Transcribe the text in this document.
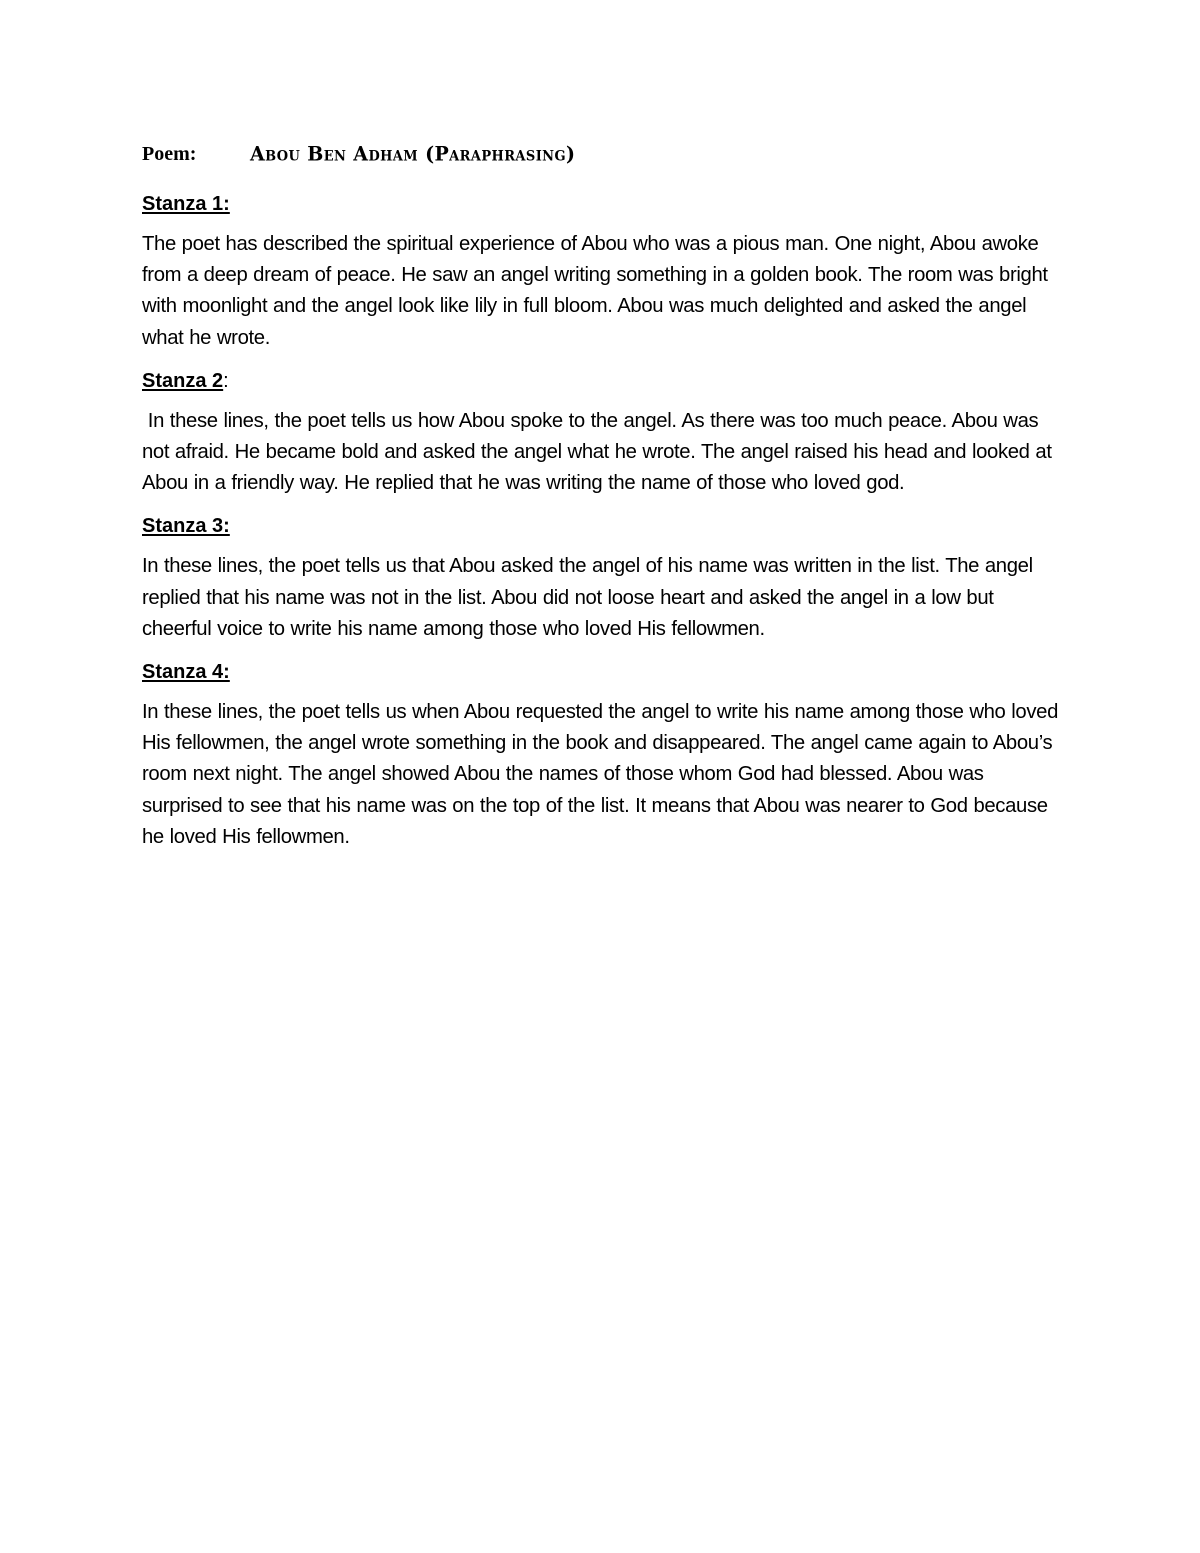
Poem:	Abou Ben Adham (Paraphrasing)
Stanza 1:

The poet has described the spiritual experience of Abou who was a pious man. One night, Abou awoke from a deep dream of peace. He saw an angel writing something in a golden book. The room was bright with moonlight and the angel look like lily in full bloom. Abou was much delighted and asked the angel what he wrote.

Stanza 2:

In these lines, the poet tells us how Abou spoke to the angel. As there was too much peace. Abou was not afraid. He became bold and asked the angel what he wrote. The angel raised his head and looked at Abou in a friendly way. He replied that he was writing the name of those who loved god.

Stanza 3:

In these lines, the poet tells us that Abou asked the angel of his name was written in the list. The angel replied that his name was not in the list. Abou did not loose heart and asked the angel in a low but cheerful voice to write his name among those who loved His fellowmen.

Stanza 4:

In these lines, the poet tells us when Abou requested the angel to write his name among those who loved His fellowmen, the angel wrote something in the book and disappeared. The angel came again to Abou’s room next night. The angel showed Abou the names of those whom God had blessed. Abou was surprised to see that his name was on the top of the list. It means that Abou was nearer to God because he loved His fellowmen.
